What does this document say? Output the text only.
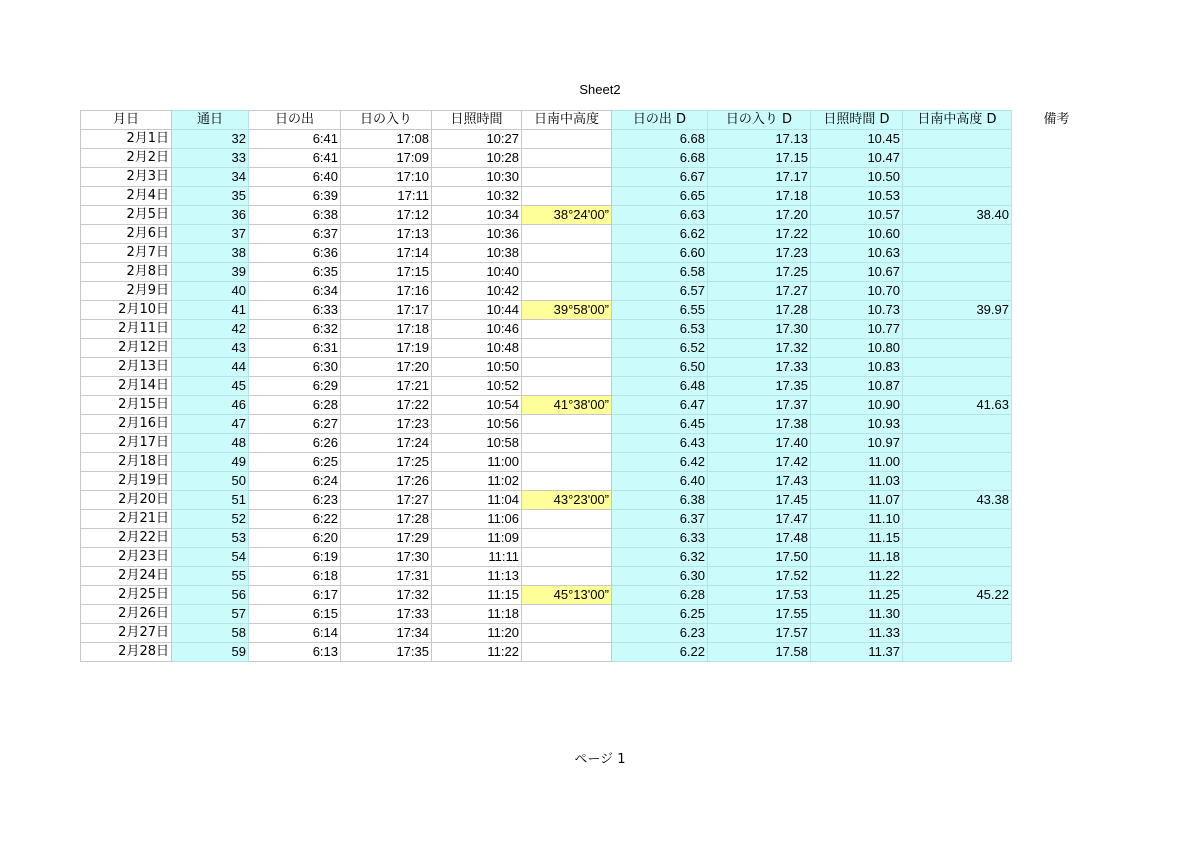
Sheet2
月日	通日	日の出	日の入り	日照時間	日南中高度	日の出 D	日の入り D	日照時間 D	日南中高度 D	備考
2月1日	32	6:41	17:08	10:27		6.68	17.13	10.45		
2月2日	33	6:41	17:09	10:28		6.68	17.15	10.47		
2月3日	34	6:40	17:10	10:30		6.67	17.17	10.50		
2月4日	35	6:39	17:11	10:32		6.65	17.18	10.53		
2月5日	36	6:38	17:12	10:34	38°24'00”	6.63	17.20	10.57	38.40	
2月6日	37	6:37	17:13	10:36		6.62	17.22	10.60		
2月7日	38	6:36	17:14	10:38		6.60	17.23	10.63		
2月8日	39	6:35	17:15	10:40		6.58	17.25	10.67		
2月9日	40	6:34	17:16	10:42		6.57	17.27	10.70		
2月10日	41	6:33	17:17	10:44	39°58'00”	6.55	17.28	10.73	39.97	
2月11日	42	6:32	17:18	10:46		6.53	17.30	10.77		
2月12日	43	6:31	17:19	10:48		6.52	17.32	10.80		
2月13日	44	6:30	17:20	10:50		6.50	17.33	10.83		
2月14日	45	6:29	17:21	10:52		6.48	17.35	10.87		
2月15日	46	6:28	17:22	10:54	41°38'00”	6.47	17.37	10.90	41.63	
2月16日	47	6:27	17:23	10:56		6.45	17.38	10.93		
2月17日	48	6:26	17:24	10:58		6.43	17.40	10.97		
2月18日	49	6:25	17:25	11:00		6.42	17.42	11.00		
2月19日	50	6:24	17:26	11:02		6.40	17.43	11.03		
2月20日	51	6:23	17:27	11:04	43°23'00”	6.38	17.45	11.07	43.38	
2月21日	52	6:22	17:28	11:06		6.37	17.47	11.10		
2月22日	53	6:20	17:29	11:09		6.33	17.48	11.15		
2月23日	54	6:19	17:30	11:11		6.32	17.50	11.18		
2月24日	55	6:18	17:31	11:13		6.30	17.52	11.22		
2月25日	56	6:17	17:32	11:15	45°13'00”	6.28	17.53	11.25	45.22	
2月26日	57	6:15	17:33	11:18		6.25	17.55	11.30		
2月27日	58	6:14	17:34	11:20		6.23	17.57	11.33		
2月28日	59	6:13	17:35	11:22		6.22	17.58	11.37		
ページ 1
